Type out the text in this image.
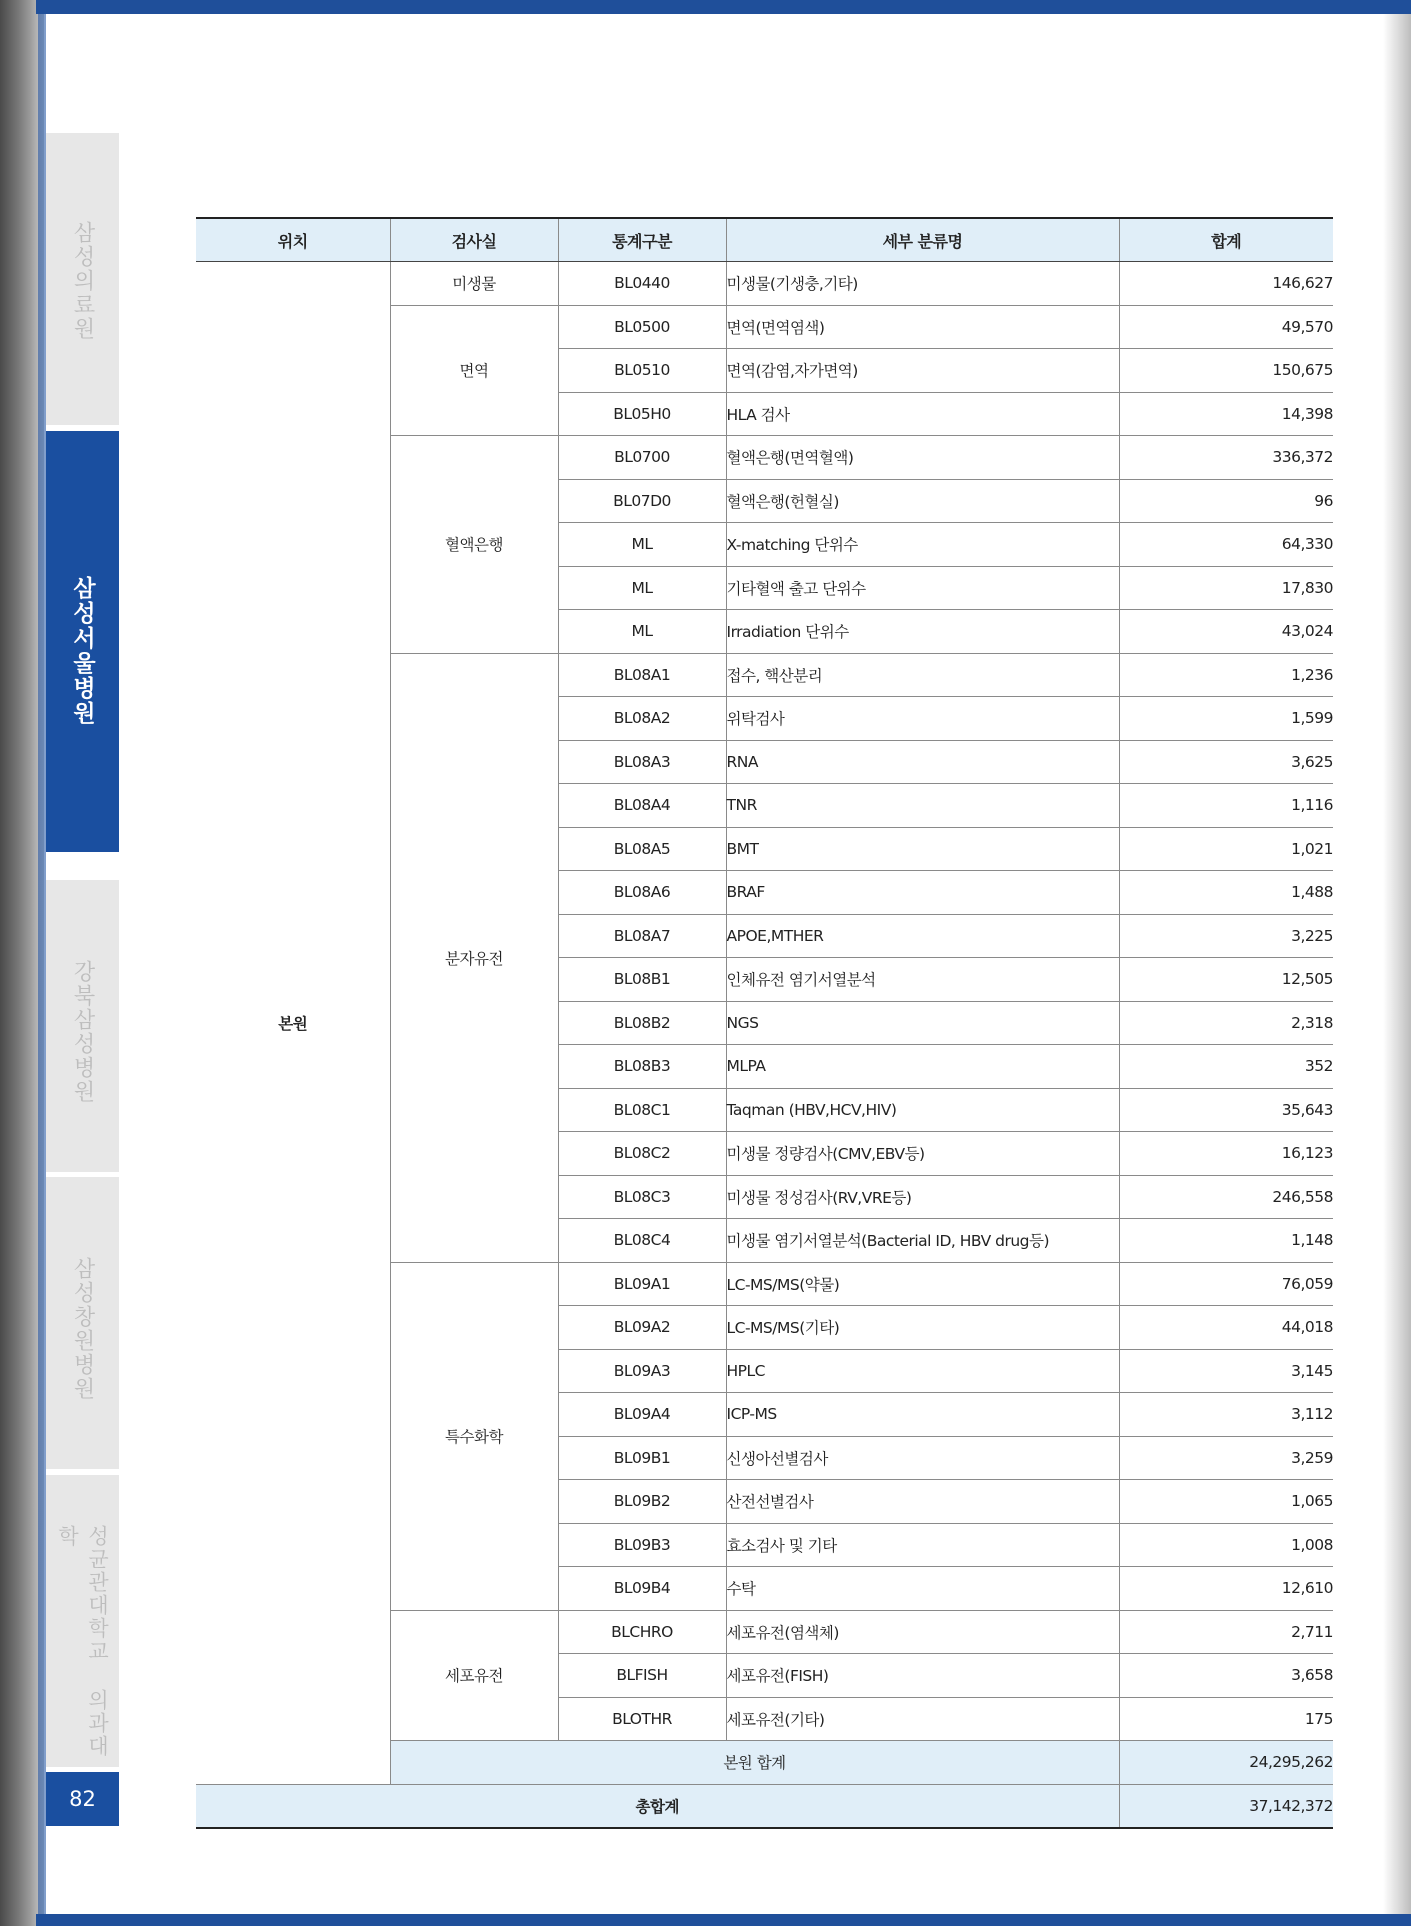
삼성의료원
삼성서울병원
강북삼성병원
삼성창원병원
성균관대학교 의과대학
82
위치	검사실	통계구분	세부 분류명	합계
본원	미생물	BL0440	미생물(기생충,기타)	146,627
	면역	BL0500	면역(면역염색)	49,570
		BL0510	면역(감염,자가면역)	150,675
		BL05H0	HLA 검사	14,398
	혈액은행	BL0700	혈액은행(면역혈액)	336,372
		BL07D0	혈액은행(헌혈실)	96
		ML	X-matching 단위수	64,330
		ML	기타혈액 출고 단위수	17,830
		ML	Irradiation 단위수	43,024
	분자유전	BL08A1	접수, 핵산분리	1,236
		BL08A2	위탁검사	1,599
		BL08A3	RNA	3,625
		BL08A4	TNR	1,116
		BL08A5	BMT	1,021
		BL08A6	BRAF	1,488
		BL08A7	APOE,MTHER	3,225
		BL08B1	인체유전 염기서열분석	12,505
		BL08B2	NGS	2,318
		BL08B3	MLPA	352
		BL08C1	Taqman (HBV,HCV,HIV)	35,643
		BL08C2	미생물 정량검사(CMV,EBV등)	16,123
		BL08C3	미생물 정성검사(RV,VRE등)	246,558
		BL08C4	미생물 염기서열분석(Bacterial ID, HBV drug등)	1,148
	특수화학	BL09A1	LC-MS/MS(약물)	76,059
		BL09A2	LC-MS/MS(기타)	44,018
		BL09A3	HPLC	3,145
		BL09A4	ICP-MS	3,112
		BL09B1	신생아선별검사	3,259
		BL09B2	산전선별검사	1,065
		BL09B3	효소검사 및 기타	1,008
		BL09B4	수탁	12,610
	세포유전	BLCHRO	세포유전(염색체)	2,711
		BLFISH	세포유전(FISH)	3,658
		BLOTHR	세포유전(기타)	175
	본원 합계			24,295,262
총합계				37,142,372
